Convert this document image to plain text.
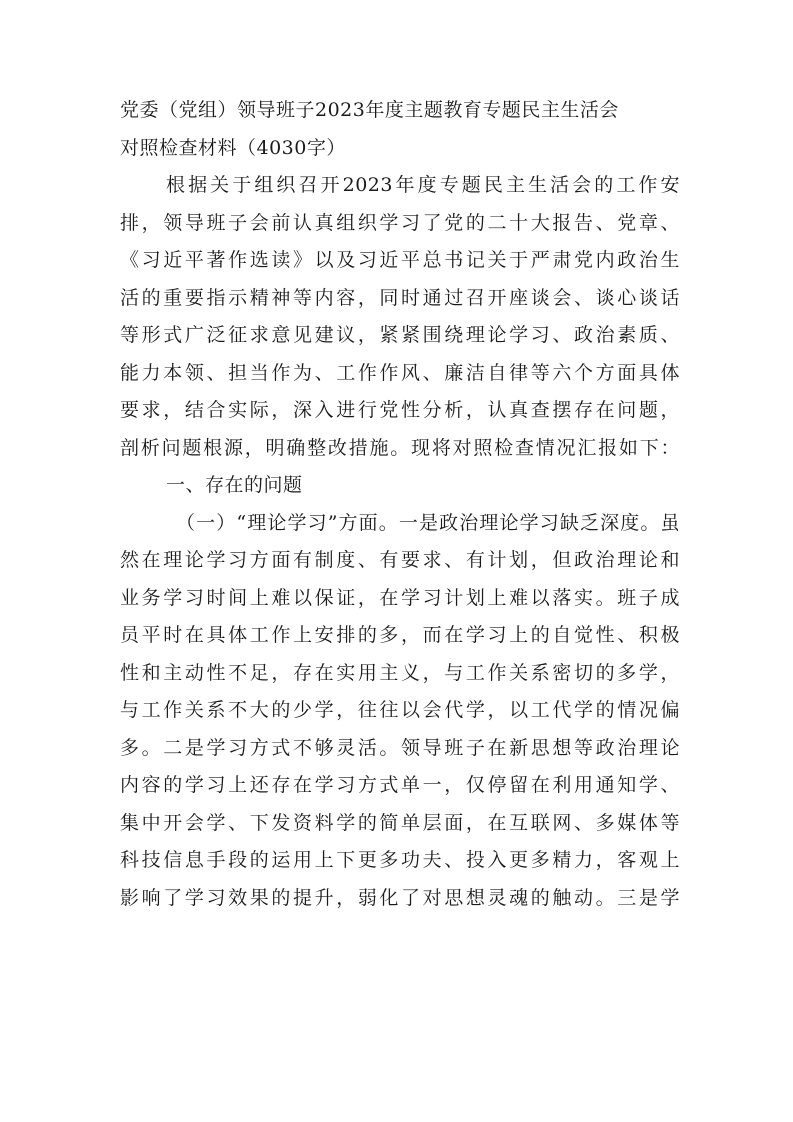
党委（党组）领导班子2023年度主题教育专题民主生活会
对照检查材料（4030字）
根据关于组织召开2023年度专题民主生活会的工作安
排，领导班子会前认真组织学习了党的二十大报告、党章、
《习近平著作选读》以及习近平总书记关于严肃党内政治生
活的重要指示精神等内容，同时通过召开座谈会、谈心谈话
等形式广泛征求意见建议，紧紧围绕理论学习、政治素质、
能力本领、担当作为、工作作风、廉洁自律等六个方面具体
要求，结合实际，深入进行党性分析，认真查摆存在问题，
剖析问题根源，明确整改措施。现将对照检查情况汇报如下：
一、存在的问题
（一）“理论学习”方面。一是政治理论学习缺乏深度。虽
然在理论学习方面有制度、有要求、有计划，但政治理论和
业务学习时间上难以保证，在学习计划上难以落实。班子成
员平时在具体工作上安排的多，而在学习上的自觉性、积极
性和主动性不足，存在实用主义，与工作关系密切的多学，
与工作关系不大的少学，往往以会代学，以工代学的情况偏
多。二是学习方式不够灵活。领导班子在新思想等政治理论
内容的学习上还存在学习方式单一，仅停留在利用通知学、
集中开会学、下发资料学的简单层面，在互联网、多媒体等
科技信息手段的运用上下更多功夫、投入更多精力，客观上
影响了学习效果的提升，弱化了对思想灵魂的触动。三是学
